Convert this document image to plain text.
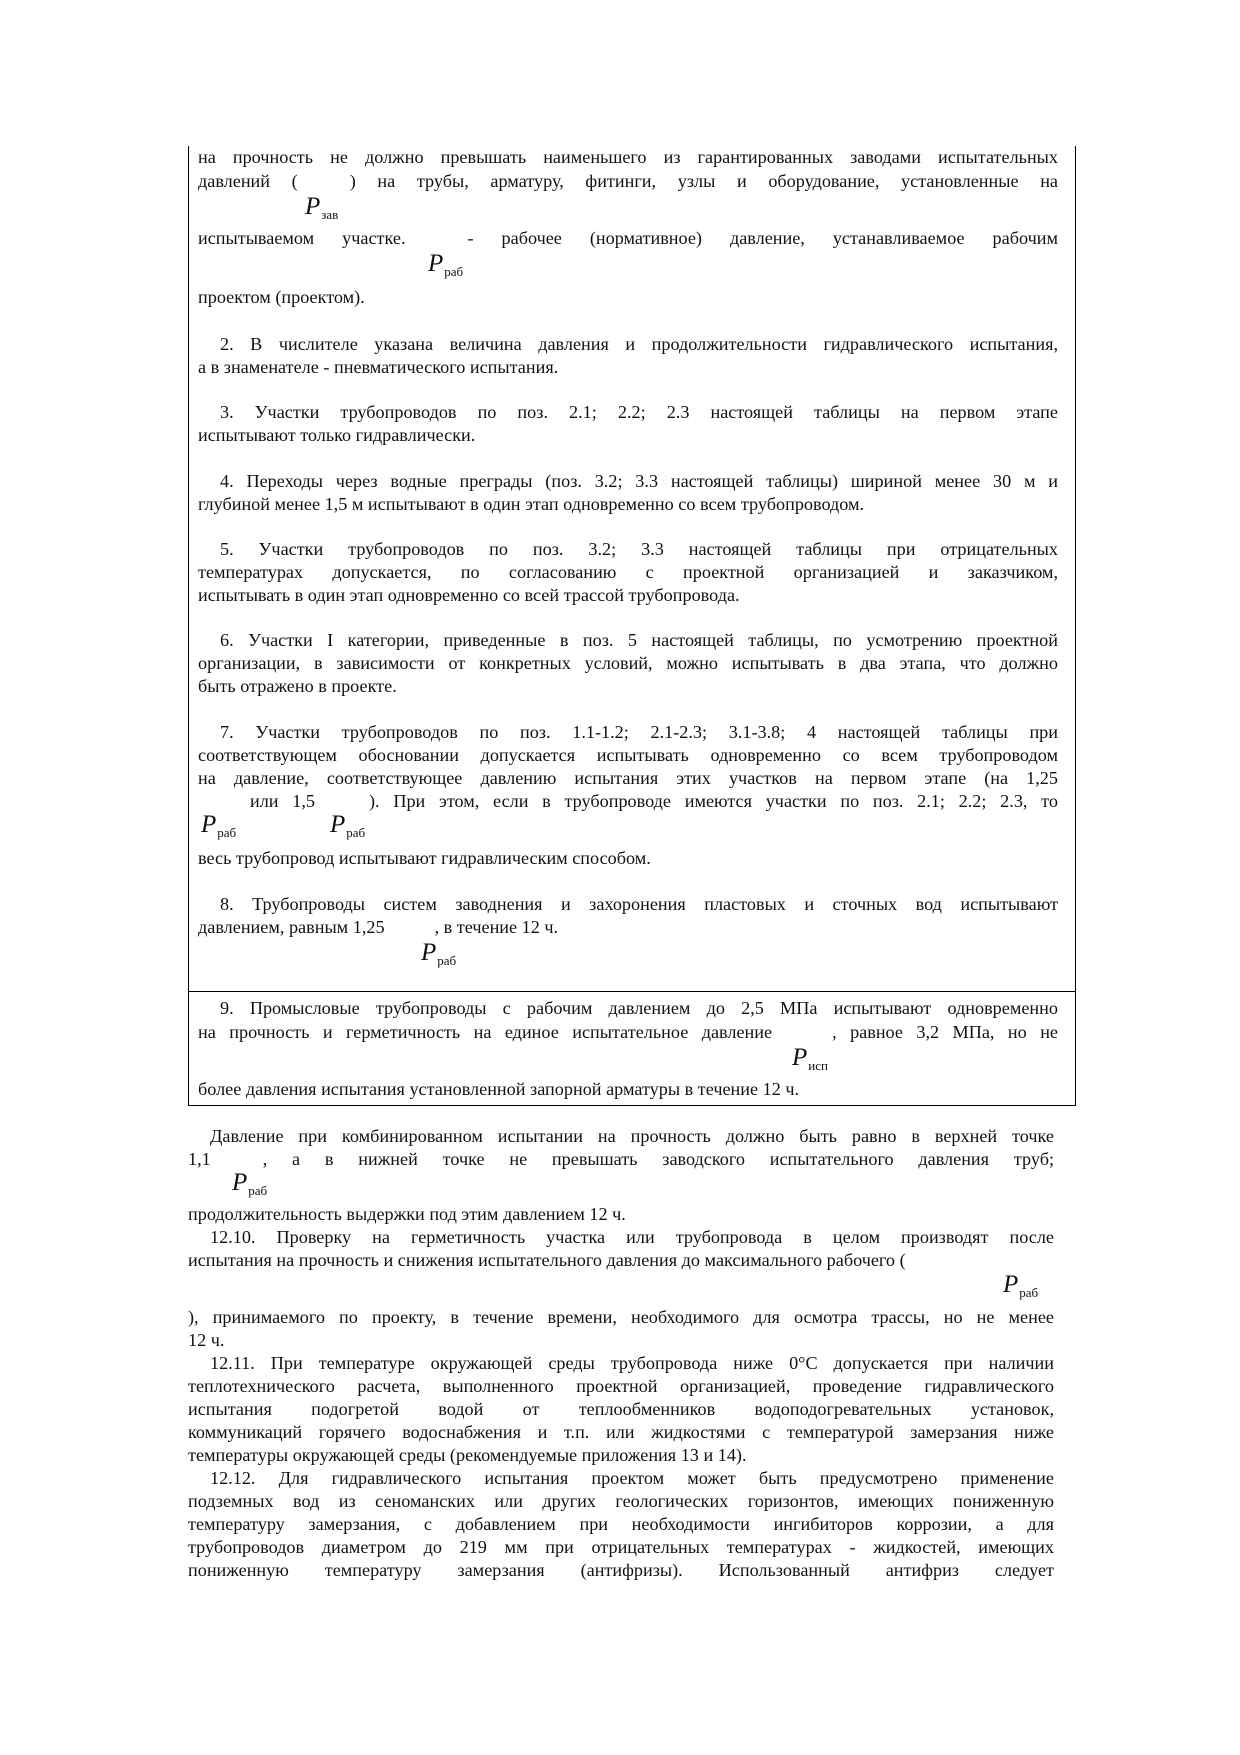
на прочность не должно превышать наименьшего из гарантированных заводами испытательных

давлений (	) на трубы, арматуру, фитинги, узлы и оборудование, установленные на

$P_{зав}$

испытываемом участке.	- рабочее (нормативное) давление, устанавливаемое рабочим

$P_{раб}$

проектом (проектом).

2. В числителе указана величина давления и продолжительности гидравлического испытания,

а в знаменателе - пневматического испытания.

3. Участки трубопроводов по поз. 2.1; 2.2; 2.3 настоящей таблицы на первом этапе

испытывают только гидравлически.

4. Переходы через водные преграды (поз. 3.2; 3.3 настоящей таблицы) шириной менее 30 м и

глубиной менее 1,5 м испытывают в один этап одновременно со всем трубопроводом.

5. Участки трубопроводов по поз. 3.2; 3.3 настоящей таблицы при отрицательных

температурах допускается, по согласованию с проектной организацией и заказчиком,

испытывать в один этап одновременно со всей трассой трубопровода.

6. Участки I категории, приведенные в поз. 5 настоящей таблицы, по усмотрению проектной

организации, в зависимости от конкретных условий, можно испытывать в два этапа, что должно

быть отражено в проекте.

7. Участки трубопроводов по поз. 1.1-1.2; 2.1-2.3; 3.1-3.8; 4 настоящей таблицы при

соответствующем обосновании допускается испытывать одновременно со всем трубопроводом

на давление, соответствующее давлению испытания этих участков на первом этапе (на 1,25

или 1,5	). При этом, если в трубопроводе имеются участки по поз. 2.1; 2.2; 2.3, то

$P_{раб}$	$P_{раб}$

весь трубопровод испытывают гидравлическим способом.

8. Трубопроводы систем заводнения и захоронения пластовых и сточных вод испытывают

давлением, равным 1,25	, в течение 12 ч.

$P_{раб}$

9. Промысловые трубопроводы с рабочим давлением до 2,5 МПа испытывают одновременно

на прочность и герметичность на единое испытательное давление	, равное 3,2 МПа, но не

$P_{исп}$

более давления испытания установленной запорной арматуры в течение 12 ч.

Давление при комбинированном испытании на прочность должно быть равно в верхней точке

1,1	, а в нижней точке не превышать заводского испытательного давления труб;

$P_{раб}$

продолжительность выдержки под этим давлением 12 ч.

12.10. Проверку на герметичность участка или трубопровода в целом производят после

испытания на прочность и снижения испытательного давления до максимального рабочего (

$P_{раб}$

), принимаемого по проекту, в течение времени, необходимого для осмотра трассы, но не менее

12 ч.

12.11. При температуре окружающей среды трубопровода ниже 0°С допускается при наличии

теплотехнического расчета, выполненного проектной организацией, проведение гидравлического

испытания подогретой водой от теплообменников водоподогревательных установок,

коммуникаций горячего водоснабжения и т.п. или жидкостями с температурой замерзания ниже

температуры окружающей среды (рекомендуемые приложения 13 и 14).

12.12. Для гидравлического испытания проектом может быть предусмотрено применение

подземных вод из сеноманских или других геологических горизонтов, имеющих пониженную

температуру замерзания, с добавлением при необходимости ингибиторов коррозии, а для

трубопроводов диаметром до 219 мм при отрицательных температурах - жидкостей, имеющих

пониженную температуру замерзания (антифризы). Использованный антифриз следует
